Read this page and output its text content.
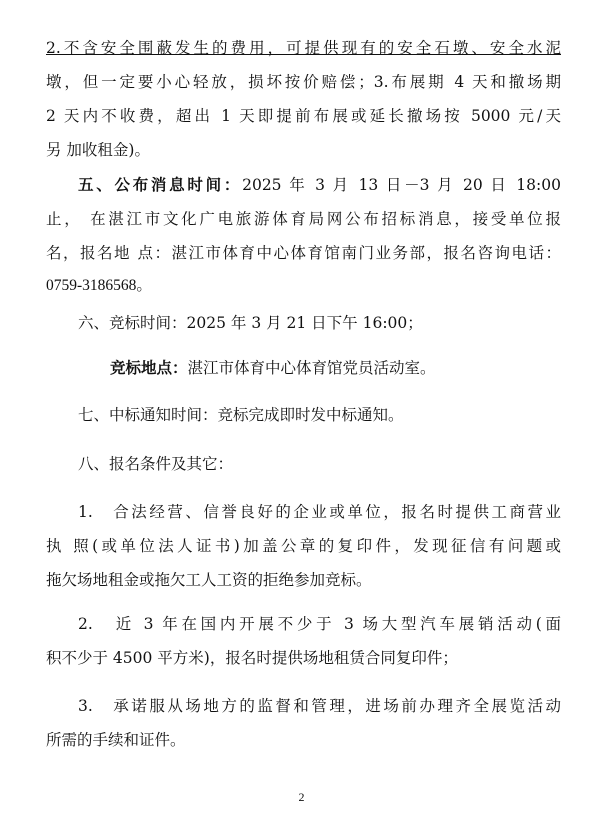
2.不含安全围蔽发生的费用，可提供现有的安全石墩、安全水泥
墩，但一定要小心轻放，损坏按价赔偿；3.布展期 4 天和撤场期
2 天内不收费，超出 1 天即提前布展或延长撤场按 5000 元/天
另 加收租金)。
五、公布消息时间：2025 年 3 月 13 日－3 月 20 日 18:00
止， 在湛江市文化广电旅游体育局网公布招标消息，接受单位报
名，报名地 点：湛江市体育中心体育馆南门业务部，报名咨询电话：
0759-3186568。
六、竞标时间：2025 年 3 月 21 日下午 16:00；
竞标地点：湛江市体育中心体育馆党员活动室。
七、中标通知时间：竞标完成即时发中标通知。
八、报名条件及其它：
1.　合法经营、信誉良好的企业或单位，报名时提供工商营业
执 照(或单位法人证书)加盖公章的复印件，发现征信有问题或
拖欠场地租金或拖欠工人工资的拒绝参加竞标。
2.　近 3 年在国内开展不少于 3 场大型汽车展销活动(面
积不少于 4500 平方米)，报名时提供场地租赁合同复印件；
3.　承诺服从场地方的监督和管理，进场前办理齐全展览活动
所需的手续和证件。
2
